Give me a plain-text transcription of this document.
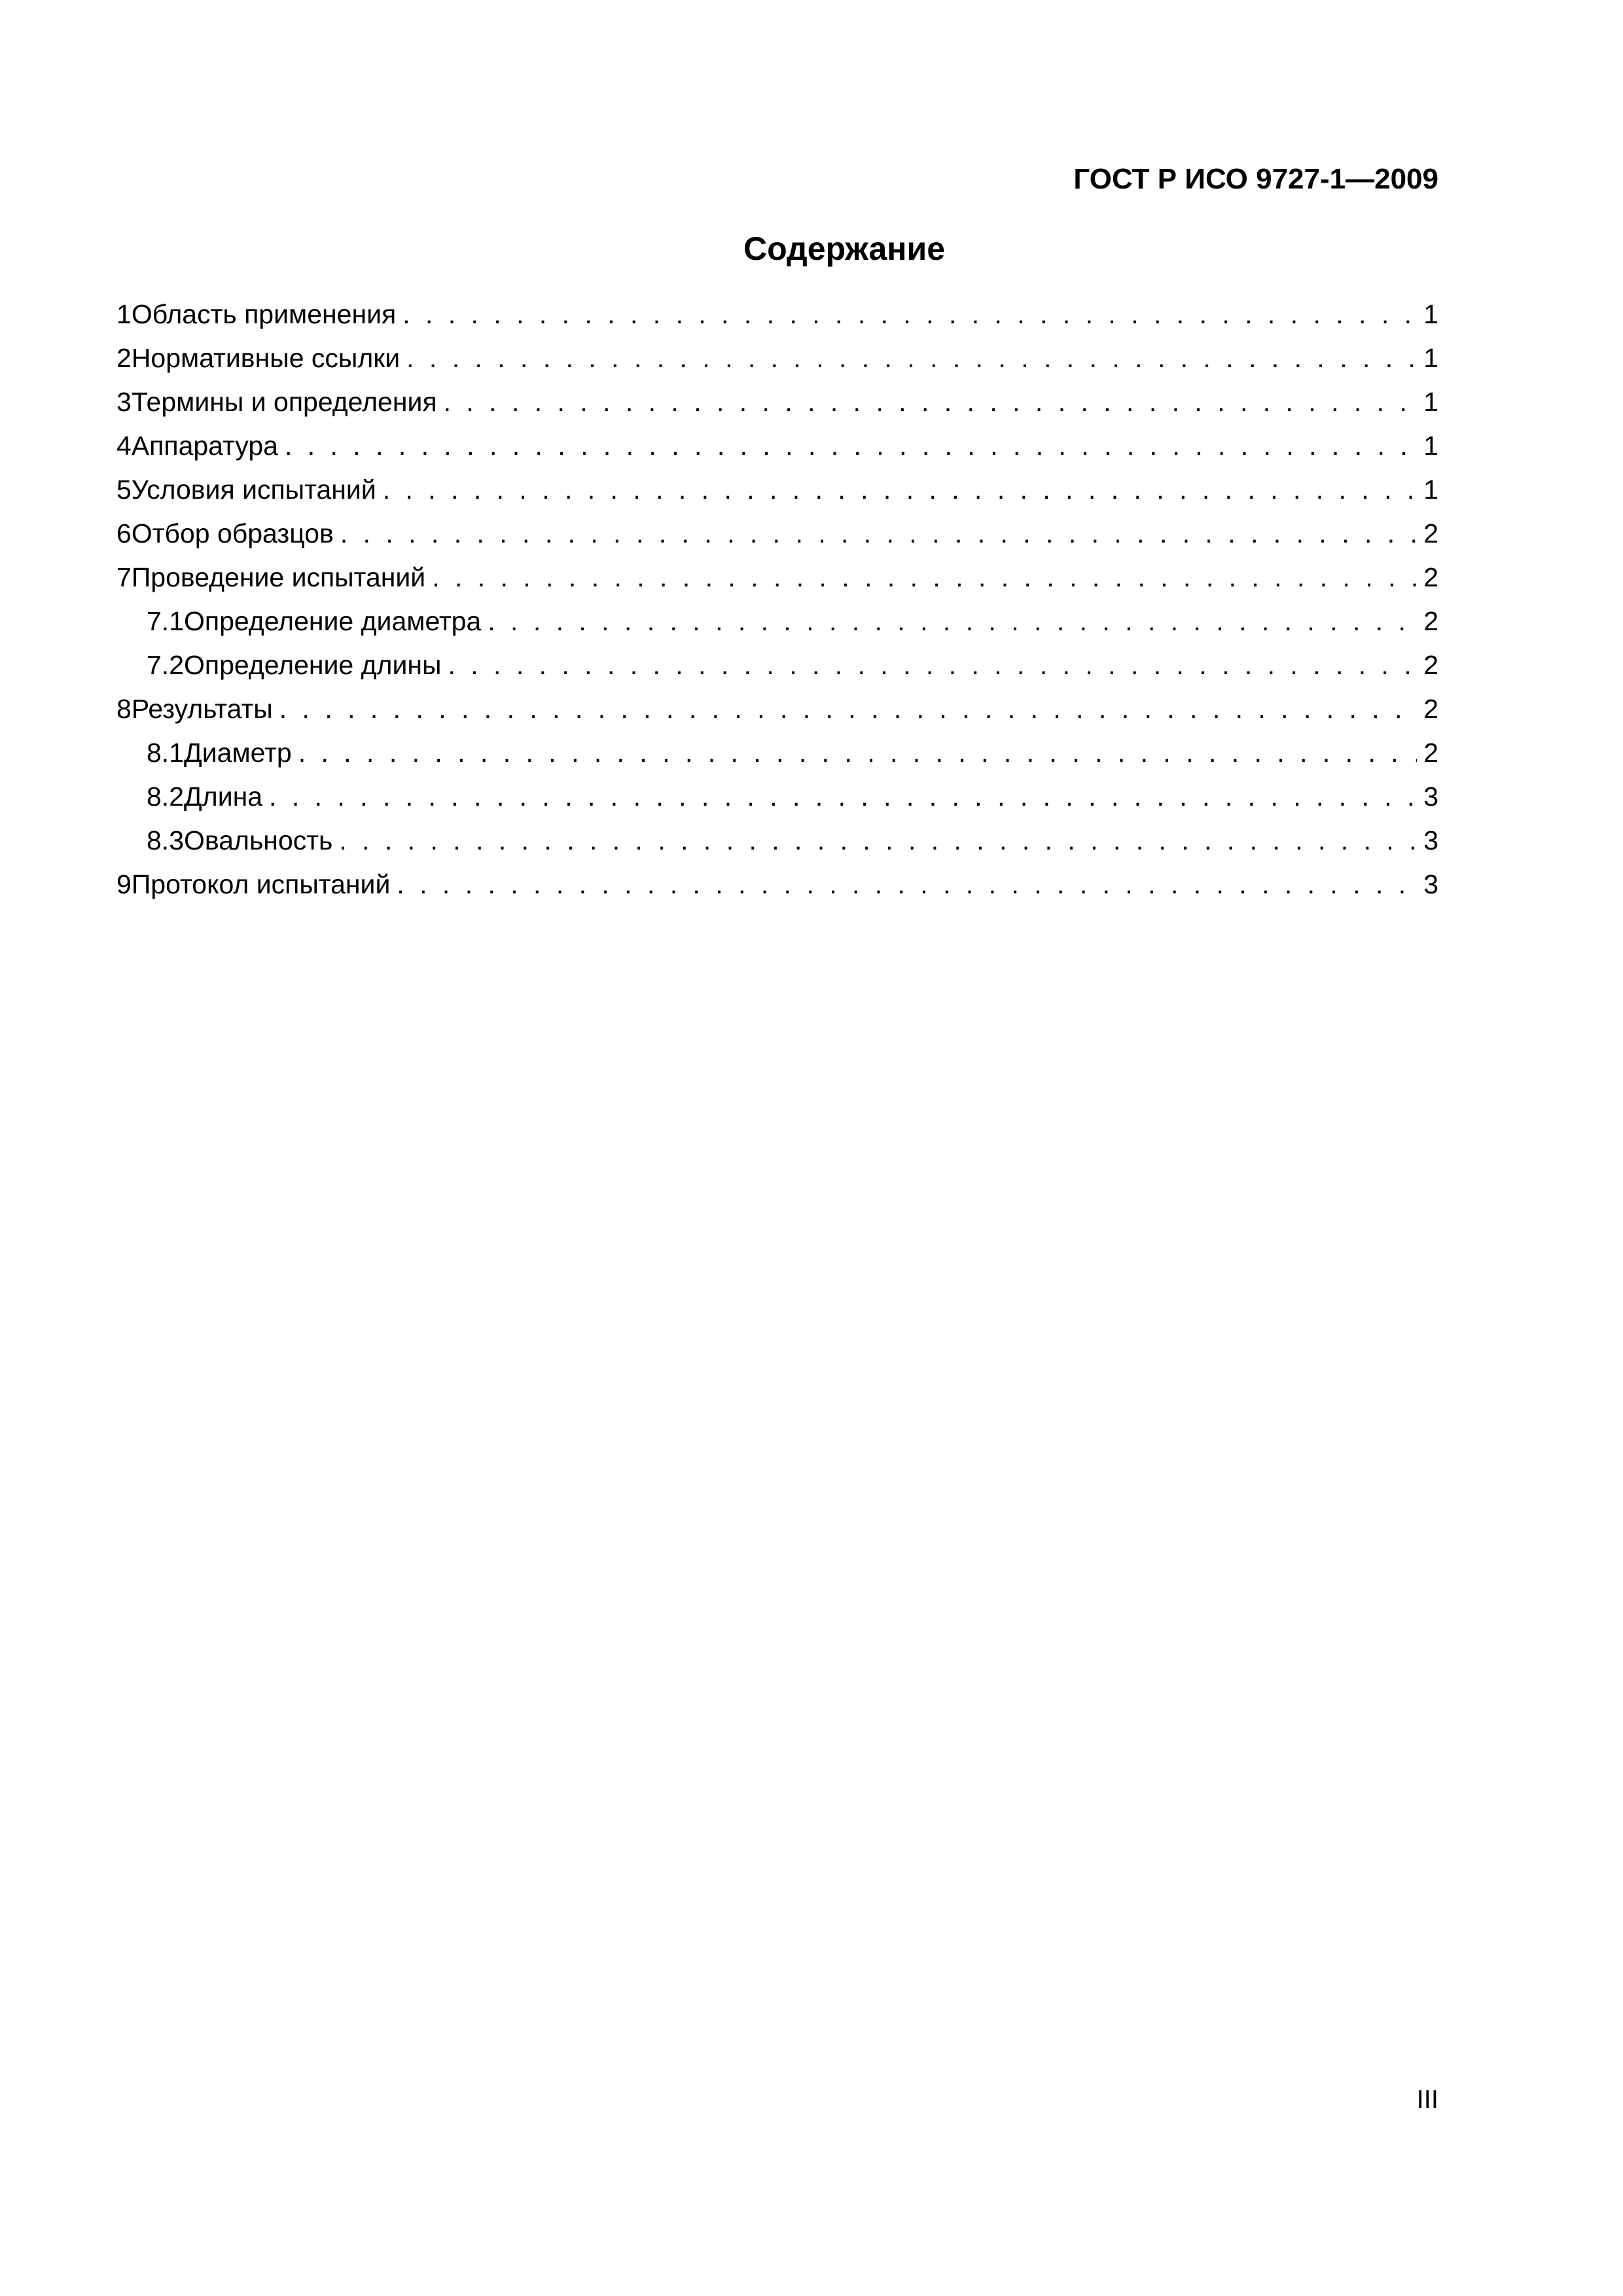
ГОСТ Р ИСО 9727-1—2009
Содержание
1 Область применения . . .	1
2 Нормативные ссылки . . .	1
3 Термины и определения . . .	1
4 Аппаратура . . .	1
5 Условия испытаний . . .	1
6 Отбор образцов . . .	2
7 Проведение испытаний . . .	2
7.1 Определение диаметра . . .	2
7.2 Определение длины . . .	2
8 Результаты . . .	2
8.1 Диаметр . . .	2
8.2 Длина . . .	3
8.3 Овальность . . .	3
9 Протокол испытаний . . .	3
III
